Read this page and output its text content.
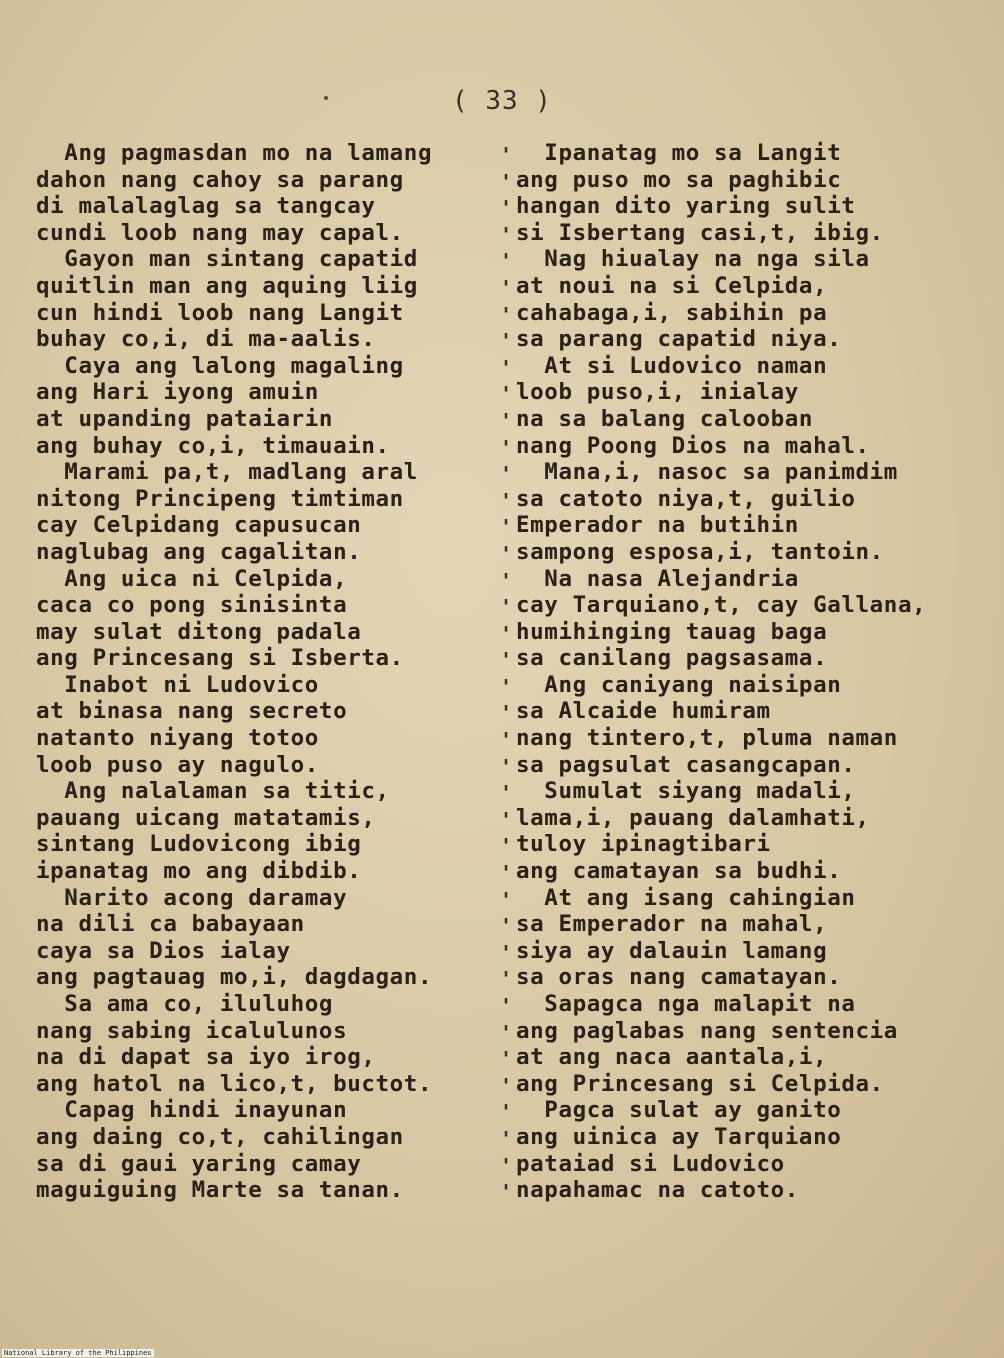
( 33 )
Ang pagmasdan mo na lamang
dahon nang cahoy sa parang
di malalaglag sa tangcay
cundi loob nang may capal.
Gayon man sintang capatid
quitlin man ang aquing liig
cun hindi loob nang Langit
buhay co,i, di ma-aalis.
Caya ang lalong magaling
ang Hari iyong amuin
at upanding pataiarin
ang buhay co,i, timauain.
Marami pa,t, madlang aral
nitong Principeng timtiman
cay Celpidang capusucan
naglubag ang cagalitan.
Ang uica ni Celpida,
caca co pong sinisinta
may sulat ditong padala
ang Princesang si Isberta.
Inabot ni Ludovico
at binasa nang secreto
natanto niyang totoo
loob puso ay nagulo.
Ang nalalaman sa titic,
pauang uicang matatamis,
sintang Ludovicong ibig
ipanatag mo ang dibdib.
Narito acong daramay
na dili ca babayaan
caya sa Dios ialay
ang pagtauag mo,i, dagdagan.
Sa ama co, iluluhog
nang sabing icalulunos
na di dapat sa iyo irog,
ang hatol na lico,t, buctot.
Capag hindi inayunan
ang daing co,t, cahilingan
sa di gaui yaring camay
maguiguing Marte sa tanan.
'
'
'
'
'
'
'
'
'
'
'
'
'
'
'
'
'
'
'
'
'
'
'
'
'
'
'
'
'
'
'
'
'
'
'
'
'
'
'
'
Ipanatag mo sa Langit
ang puso mo sa paghibic
hangan dito yaring sulit
si Isbertang casi,t, ibig.
Nag hiualay na nga sila
at noui na si Celpida,
cahabaga,i, sabihin pa
sa parang capatid niya.
At si Ludovico naman
loob puso,i, inialay
na sa balang calooban
nang Poong Dios na mahal.
Mana,i, nasoc sa panimdim
sa catoto niya,t, guilio
Emperador na butihin
sampong esposa,i, tantoin.
Na nasa Alejandria
cay Tarquiano,t, cay Gallana,
humihinging tauag baga
sa canilang pagsasama.
Ang caniyang naisipan
sa Alcaide humiram
nang tintero,t, pluma naman
sa pagsulat casangcapan.
Sumulat siyang madali,
lama,i, pauang dalamhati,
tuloy ipinagtibari
ang camatayan sa budhi.
At ang isang cahingian
sa Emperador na mahal,
siya ay dalauin lamang
sa oras nang camatayan.
Sapagca nga malapit na
ang paglabas nang sentencia
at ang naca aantala,i,
ang Princesang si Celpida.
Pagca sulat ay ganito
ang uinica ay Tarquiano
pataiad si Ludovico
napahamac na catoto.
National Library of the Philippines
